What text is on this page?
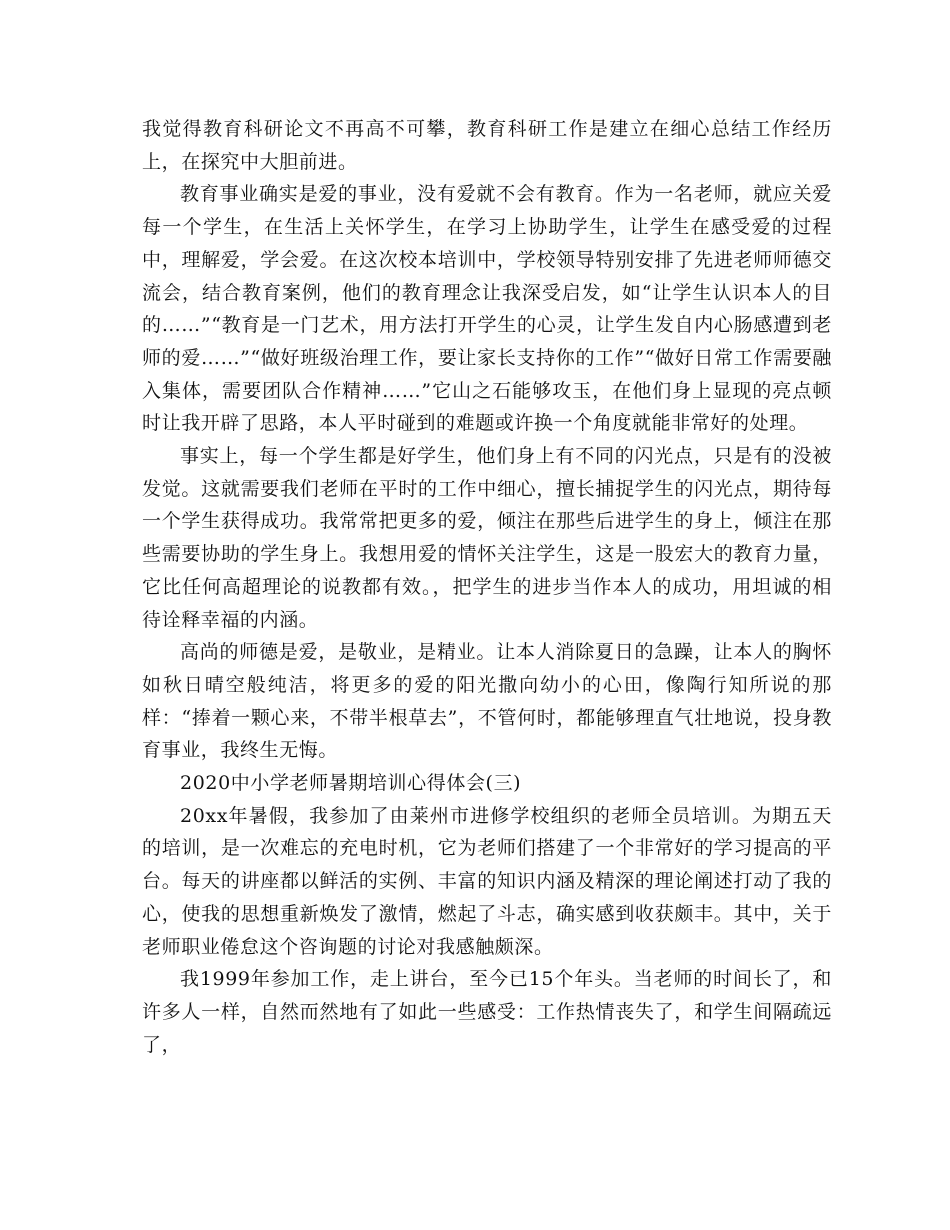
我觉得教育科研论文不再高不可攀，教育科研工作是建立在细心总结工作经历上，在探究中大胆前进。

教育事业确实是爱的事业，没有爱就不会有教育。作为一名老师，就应关爱每一个学生，在生活上关怀学生，在学习上协助学生，让学生在感受爱的过程中，理解爱，学会爱。在这次校本培训中，学校领导特别安排了先进老师师德交流会，结合教育案例，他们的教育理念让我深受启发，如“让学生认识本人的目的……”“教育是一门艺术，用方法打开学生的心灵，让学生发自内心肠感遭到老师的爱……”“做好班级治理工作，要让家长支持你的工作”“做好日常工作需要融入集体，需要团队合作精神……”它山之石能够攻玉，在他们身上显现的亮点顿时让我开辟了思路，本人平时碰到的难题或许换一个角度就能非常好的处理。

事实上，每一个学生都是好学生，他们身上有不同的闪光点，只是有的没被发觉。这就需要我们老师在平时的工作中细心，擅长捕捉学生的闪光点，期待每一个学生获得成功。我常常把更多的爱，倾注在那些后进学生的身上，倾注在那些需要协助的学生身上。我想用爱的情怀关注学生，这是一股宏大的教育力量，它比任何高超理论的说教都有效。，把学生的进步当作本人的成功，用坦诚的相待诠释幸福的内涵。

高尚的师德是爱，是敬业，是精业。让本人消除夏日的急躁，让本人的胸怀如秋日晴空般纯洁，将更多的爱的阳光撒向幼小的心田，像陶行知所说的那样：“捧着一颗心来，不带半根草去”，不管何时，都能够理直气壮地说，投身教育事业，我终生无悔。

2020中小学老师暑期培训心得体会(三)

20xx年暑假，我参加了由莱州市进修学校组织的老师全员培训。为期五天的培训，是一次难忘的充电时机，它为老师们搭建了一个非常好的学习提高的平台。每天的讲座都以鲜活的实例、丰富的知识内涵及精深的理论阐述打动了我的心，使我的思想重新焕发了激情，燃起了斗志，确实感到收获颇丰。其中，关于老师职业倦怠这个咨询题的讨论对我感触颇深。

我1999年参加工作，走上讲台，至今已15个年头。当老师的时间长了，和许多人一样，自然而然地有了如此一些感受：工作热情丧失了，和学生间隔疏远了，
